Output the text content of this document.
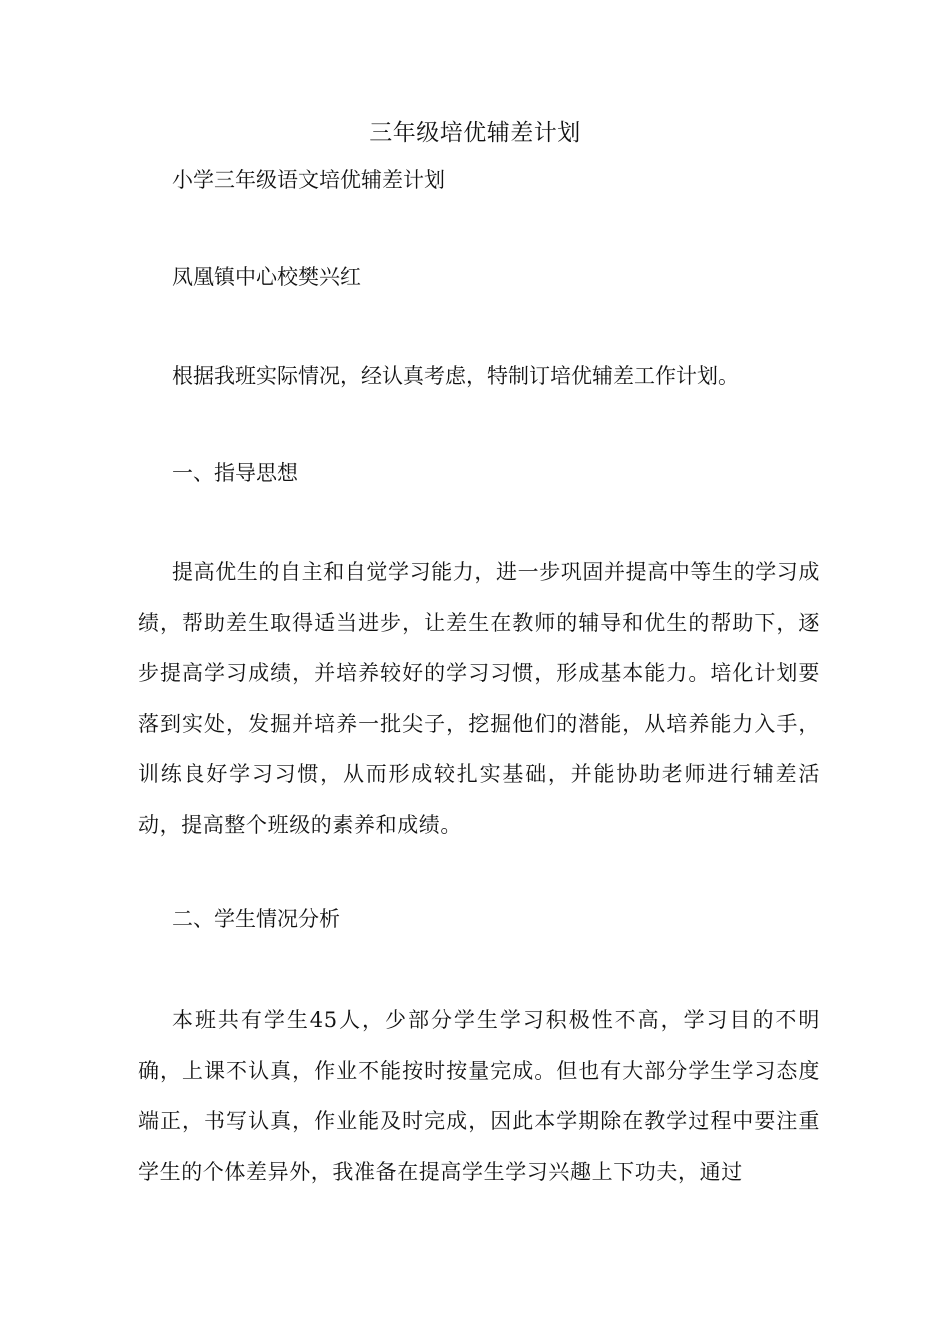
三年级培优辅差计划
小学三年级语文培优辅差计划
凤凰镇中心校樊兴红
根据我班实际情况，经认真考虑，特制订培优辅差工作计划。
一、指导思想

提高优生的自主和自觉学习能力，进一步巩固并提高中等生的学习成绩，帮助差生取得适当进步，让差生在教师的辅导和优生的帮助下，逐步提高学习成绩，并培养较好的学习习惯，形成基本能力。培化计划要落到实处，发掘并培养一批尖子，挖掘他们的潜能，从培养能力入手，训练良好学习习惯，从而形成较扎实基础，并能协助老师进行辅差活动，提高整个班级的素养和成绩。

二、学生情况分析

本班共有学生45人，少部分学生学习积极性不高，学习目的不明确，上课不认真，作业不能按时按量完成。但也有大部分学生学习态度端正，书写认真，作业能及时完成，因此本学期除在教学过程中要注重学生的个体差异外，我准备在提高学生学习兴趣上下功夫，通过
